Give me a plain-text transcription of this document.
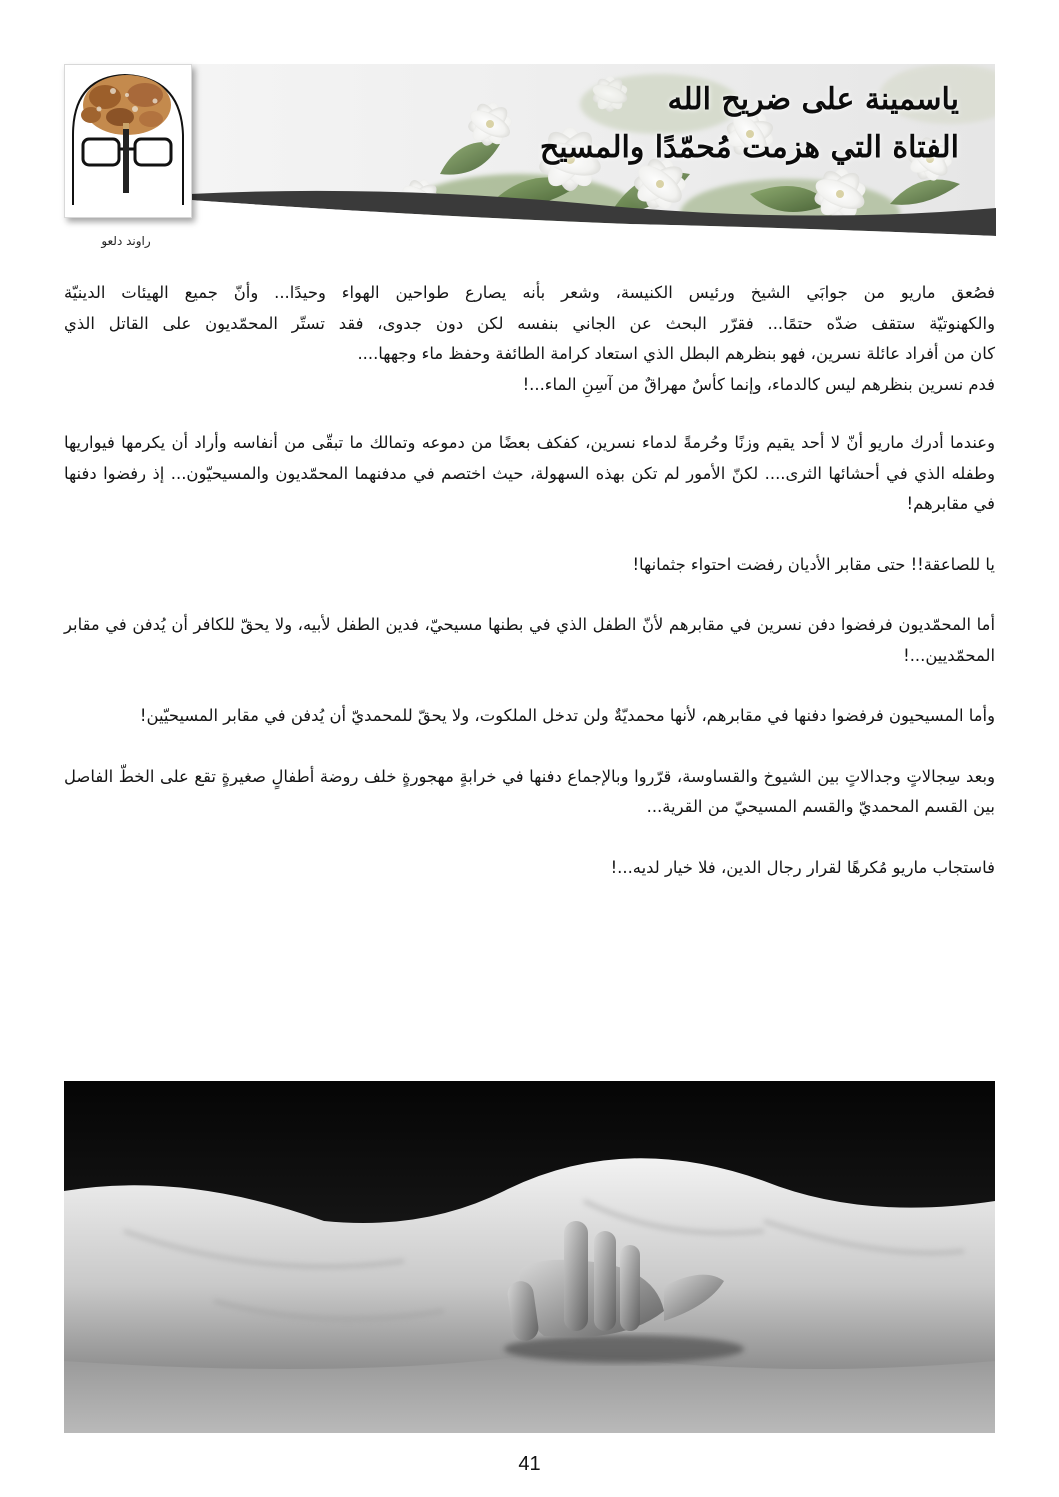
ياسمينة على ضريح الله
الفتاة التي هزمت مُحمّدًا والمسيح
راوند دلعو

فصُعق ماريو من جوابَي الشيخ ورئيس الكنيسة، وشعر بأنه يصارع طواحين الهواء وحيدًا... وأنّ جميع الهيئات الدينيّة
والكهنوتيّة ستقف ضدّه حتمًا... فقرّر البحث عن الجاني بنفسه لكن دون جدوى، فقد تستّر المحمّديون على القاتل الذي
كان من أفراد عائلة نسرين، فهو بنظرهم البطل الذي استعاد كرامة الطائفة وحفظ ماء وجهها....
فدم نسرين بنظرهم ليس كالدماء، وإنما كأسٌ مهراقٌ من آسِنِ الماء...!

وعندما أدرك ماريو أنّ لا أحد يقيم وزنًا وحُرمةً لدماء نسرين، كفكف بعضًا من دموعه وتمالك ما تبقّى من أنفاسه وأراد أن يكرمها فيواريها وطفله الذي في أحشائها الثرى.... لكنّ الأمور لم تكن بهذه السهولة، حيث اختصم في مدفنهما المحمّديون والمسيحيّون... إذ رفضوا دفنها في مقابرهم!

يا للصاعقة!! حتى مقابر الأديان رفضت احتواء جثمانها!

أما المحمّديون فرفضوا دفن نسرين في مقابرهم لأنّ الطفل الذي في بطنها مسيحيّ، فدين الطفل لأبيه، ولا يحقّ للكافر أن يُدفن في مقابر المحمّديين...!

وأما المسيحيون فرفضوا دفنها في مقابرهم، لأنها محمديّةٌ ولن تدخل الملكوت، ولا يحقّ للمحمديّ أن يُدفن في مقابر المسيحيّين!

وبعد سِجالاتٍ وجدالاتٍ بين الشيوخ والقساوسة، قرّروا وبالإجماع دفنها في خرابةٍ مهجورةٍ خلف روضة أطفالٍ صغيرةٍ تقع على الخطّ الفاصل بين القسم المحمديّ والقسم المسيحيّ من القرية...

فاستجاب ماريو مُكرهًا لقرار رجال الدين، فلا خيار لديه...!

41
